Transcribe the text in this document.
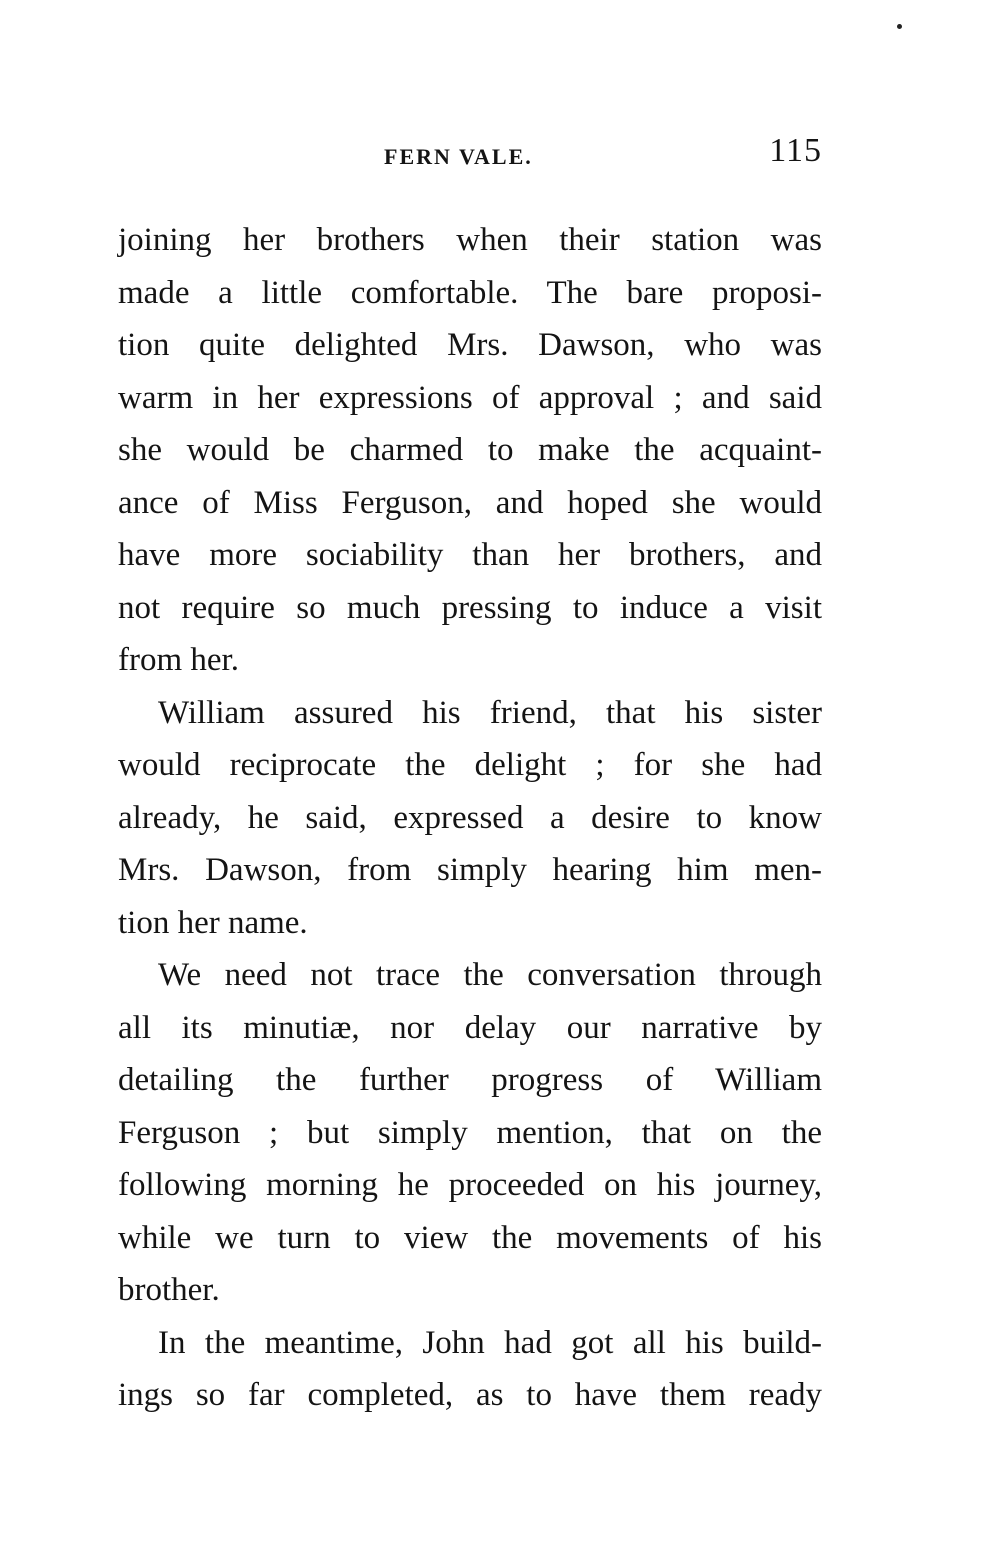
FERN VALE.	115
joining her brothers when their station was
made a little comfortable. The bare proposi-
tion quite delighted Mrs. Dawson, who was
warm in her expressions of approval ; and said
she would be charmed to make the acquaint-
ance of Miss Ferguson, and hoped she would
have more sociability than her brothers, and
not require so much pressing to induce a visit
from her.
William assured his friend, that his sister
would reciprocate the delight ; for she had
already, he said, expressed a desire to know
Mrs. Dawson, from simply hearing him men-
tion her name.
We need not trace the conversation through
all its minutiæ, nor delay our narrative by
detailing the further progress of William
Ferguson ; but simply mention, that on the
following morning he proceeded on his journey,
while we turn to view the movements of his
brother.
In the meantime, John had got all his build-
ings so far completed, as to have them ready
